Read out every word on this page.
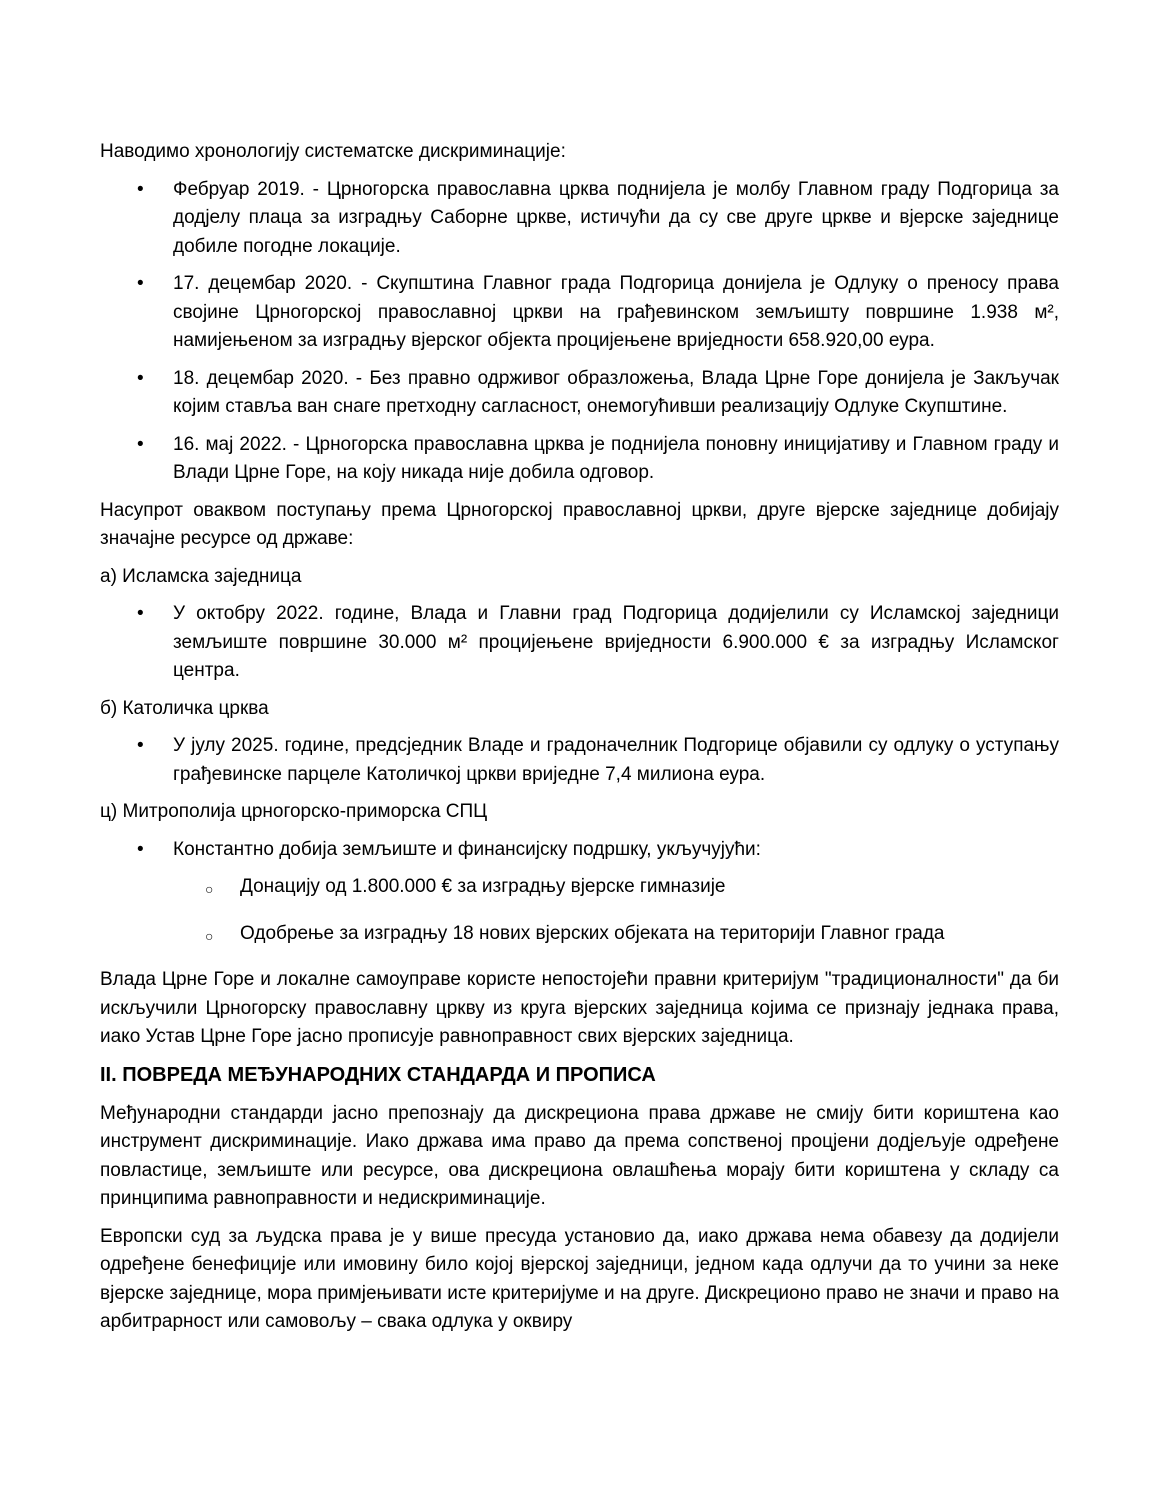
Наводимо хронологију систематске дискриминације:

•	Фебруар 2019. - Црногорска православна црква поднијела је молбу Главном граду Подгорица за додјелу плаца за изградњу Саборне цркве, истичући да су све друге цркве и вјерске заједнице добиле погодне локације.

•	17. децембар 2020. - Скупштина Главног града Подгорица донијела је Одлуку о преносу права својине Црногорској православној цркви на грађевинском земљишту површине 1.938 м², намијењеном за изградњу вјерског објекта процијењене вриједности 658.920,00 еура.

•	18. децембар 2020. - Без правно одрживог образложења, Влада Црне Горе донијела је Закључак којим ставља ван снаге претходну сагласност, онемогућивши реализацију Одлуке Скупштине.

•	16. мај 2022. - Црногорска православна црква је поднијела поновну иницијативу и Главном граду и Влади Црне Горе, на коју никада није добила одговор.

Насупрот оваквом поступању према Црногорској православној цркви, друге вјерске заједнице добијају значајне ресурсе од државе:

а) Исламска заједница

•	У октобру 2022. године, Влада и Главни град Подгорица додијелили су Исламској заједници земљиште површине 30.000 м² процијењене вриједности 6.900.000 € за изградњу Исламског центра.

б) Католичка црква

•	У јулу 2025. године, предсједник Владе и градоначелник Подгорице објавили су одлуку о уступању грађевинске парцеле Католичкој цркви вриједне 7,4 милиона еура.

ц) Митрополија црногорско-приморска СПЦ

•	Константно добија земљиште и финансијску подршку, укључујући:

○	Донацију од 1.800.000 € за изградњу вјерске гимназије

○	Одобрење за изградњу 18 нових вјерских објеката на територији Главног града

Влада Црне Горе и локалне самоуправе користе непостојећи правни критеријум "традиционалности" да би искључили Црногорску православну цркву из круга вјерских заједница којима се признају једнака права, иако Устав Црне Горе јасно прописује равноправност свих вјерских заједница.

II. ПОВРЕДА МЕЂУНАРОДНИХ СТАНДАРДА И ПРОПИСА

Међународни стандарди јасно препознају да дискрециона права државе не смију бити кориштена као инструмент дискриминације. Иако држава има право да према сопственој процјени додјељује одређене повластице, земљиште или ресурсе, ова дискрециона овлашћења морају бити кориштена у складу са принципима равноправности и недискриминације.

Европски суд за људска права је у више пресуда установио да, иако држава нема обавезу да додијели одређене бенефиције или имовину било којој вјерској заједници, једном када одлучи да то учини за неке вјерске заједнице, мора примјењивати исте критеријуме и на друге. Дискреционо право не значи и право на арбитрарност или самовољу – свака одлука у оквиру
